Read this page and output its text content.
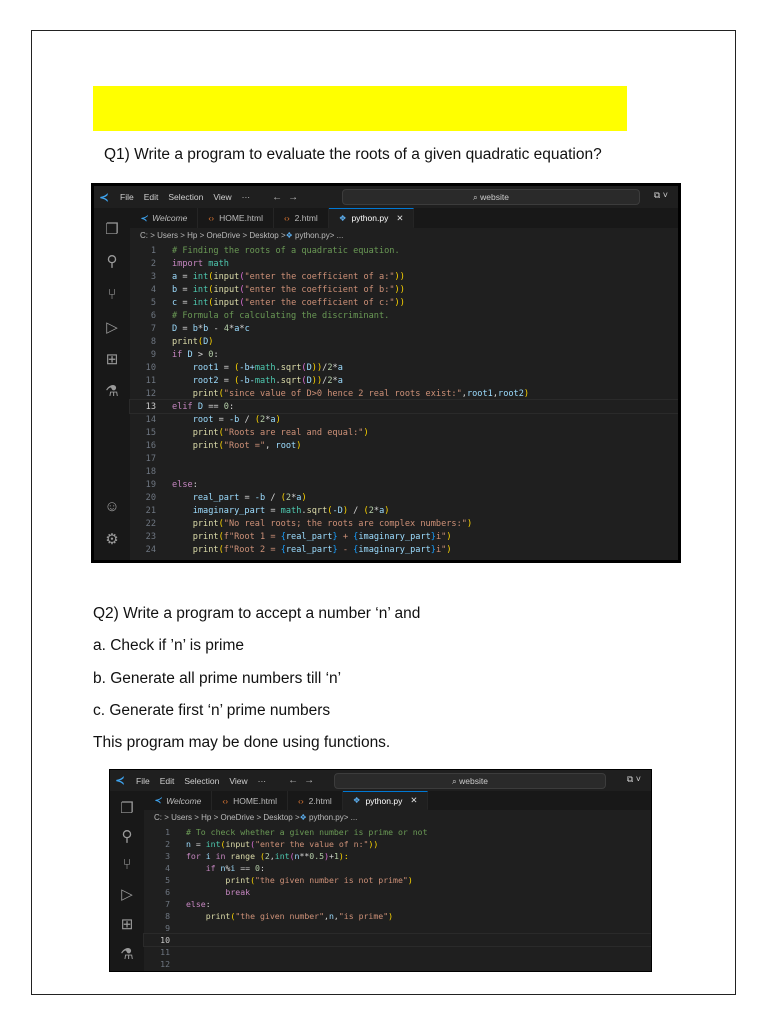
Q1) Write a program to evaluate the roots of a given quadratic equation?
≺	File Edit Selection View ··· ←→	⌕ website	⧉ ˅
❐
⚲
⑂
▷
⊞
⚗
☺
⚙
≺ Welcome ‹› HOME.html ‹› 2.html ❖ python.py ✕
C: > Users > Hp > OneDrive > Desktop > ❖ python.py > ...
1	# Finding the roots of a quadratic equation.
2	import math
3	a = int(input("enter the coefficient of a:"))
4	b = int(input("enter the coefficient of b:"))
5	c = int(input("enter the coefficient of c:"))
6	# Formula of calculating the discriminant.
7	D = b*b - 4*a*c
8	print(D)
9	if D > 0:
10	root1 = (-b+math.sqrt(D))/2*a
11	root2 = (-b-math.sqrt(D))/2*a
12	print("since value of D>0 hence 2 real roots exist:",root1,root2)
13	elif D == 0:
14	root = -b / (2*a)
15	print("Roots are real and equal:")
16	print("Root =", root)
17
18
19	else:
20	real_part = -b / (2*a)
21	imaginary_part = math.sqrt(-D) / (2*a)
22	print("No real roots; the roots are complex numbers:")
23	print(f"Root 1 = {real_part} + {imaginary_part}i")
24	print(f"Root 2 = {real_part} - {imaginary_part}i")
Q2) Write a program to accept a number ‘n’ and
a. Check if ’n’ is prime
b. Generate all prime numbers till ‘n’
c. Generate first ‘n’ prime numbers
This program may be done using functions.
≺	File Edit Selection View ··· ←→	⌕ website	⧉ ˅
❐
⚲
⑂
▷
⊞
⚗
≺ Welcome ‹› HOME.html ‹› 2.html ❖ python.py ✕
C: > Users > Hp > OneDrive > Desktop > ❖ python.py > ...
1	# To check whether a given number is prime or not
2	n = int(input("enter the value of n:"))
3	for i in range (2,int(n**0.5)+1):
4	if n%i == 0:
5	print("the given number is not prime")
6	break
7	else:
8	print("the given number",n,"is prime")
9
10
11
12
